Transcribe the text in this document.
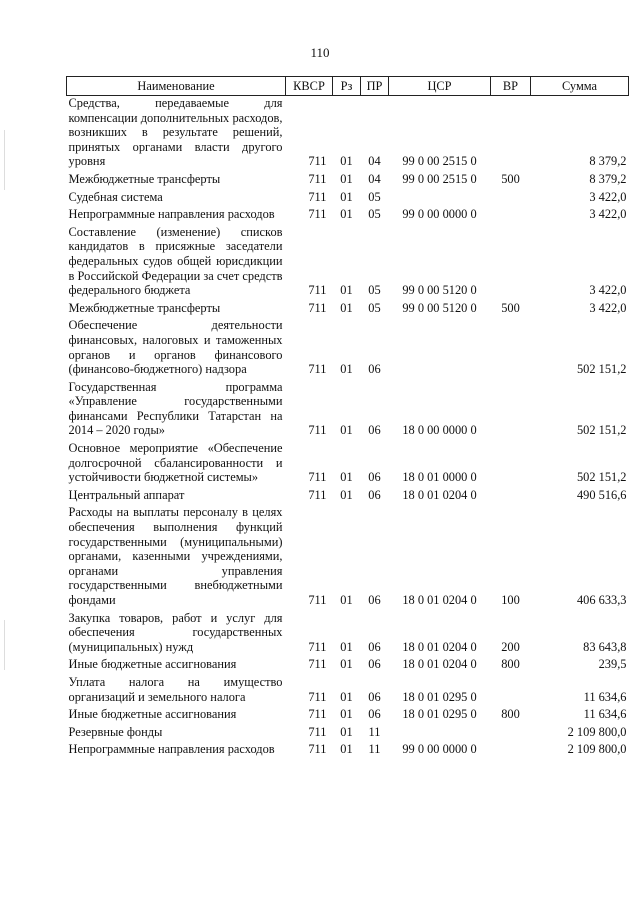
110
Наименование	КВСР	Рз	ПР	ЦСР	ВР	Сумма
Средства, передаваемые для компенсации дополнительных расходов, возникших в результате решений, принятых органами власти другого уровня	711	01	04	99 0 00 2515 0		8 379,2

Межбюджетные трансферты	711	01	04	99 0 00 2515 0	500	8 379,2

Судебная система	711	01	05			3 422,0

Непрограммные направления расходов	711	01	05	99 0 00 0000 0		3 422,0

Составление (изменение) списков кандидатов в присяжные заседатели федеральных судов общей юрисдикции в Российской Федерации за счет средств федерального бюджета	711	01	05	99 0 00 5120 0		3 422,0

Межбюджетные трансферты	711	01	05	99 0 00 5120 0	500	3 422,0

Обеспечение деятельности финансовых, налоговых и таможенных органов и органов финансового (финансово-бюджетного) надзора	711	01	06			502 151,2

Государственная программа «Управление государственными финансами Республики Татарстан на 2014 – 2020 годы»	711	01	06	18 0 00 0000 0		502 151,2

Основное мероприятие «Обеспечение долгосрочной сбалансированности и устойчивости бюджетной системы»	711	01	06	18 0 01 0000 0		502 151,2

Центральный аппарат	711	01	06	18 0 01 0204 0		490 516,6

Расходы на выплаты персоналу в целях обеспечения выполнения функций государственными (муниципальными) органами, казенными учреждениями, органами управления государственными внебюджетными фондами	711	01	06	18 0 01 0204 0	100	406 633,3

Закупка товаров, работ и услуг для обеспечения государственных (муниципальных) нужд	711	01	06	18 0 01 0204 0	200	83 643,8

Иные бюджетные ассигнования	711	01	06	18 0 01 0204 0	800	239,5

Уплата налога на имущество организаций и земельного налога	711	01	06	18 0 01 0295 0		11 634,6

Иные бюджетные ассигнования	711	01	06	18 0 01 0295 0	800	11 634,6

Резервные фонды	711	01	11			2 109 800,0

Непрограммные направления расходов	711	01	11	99 0 00 0000 0		2 109 800,0
